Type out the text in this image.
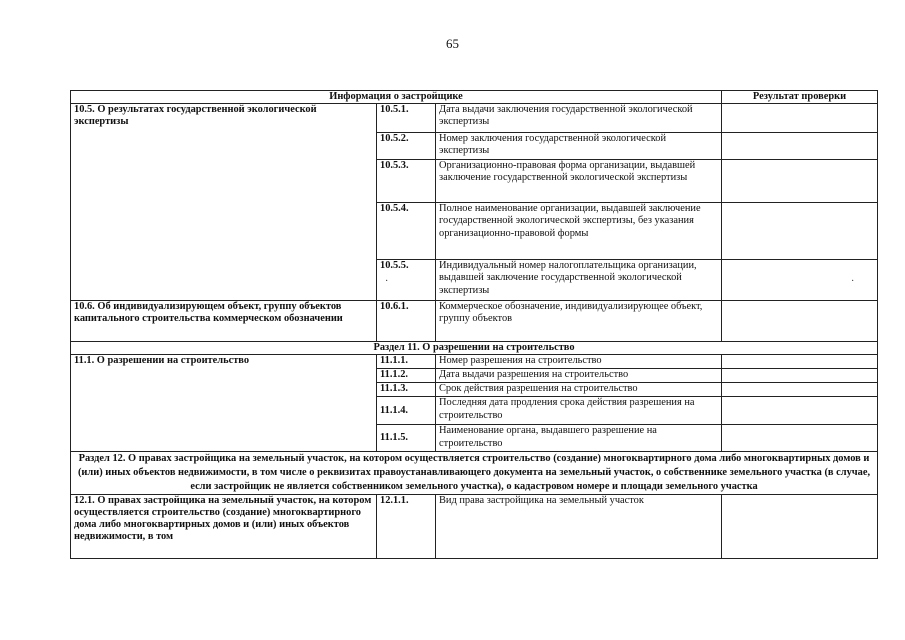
65
Информация о застройщике			Результат проверки
10.5. О результатах государственной экологической экспертизы	10.5.1.	Дата выдачи заключения государственной экологической экспертизы	
	10.5.2.	Номер заключения государственной экологической экспертизы	
	10.5.3.	Организационно-правовая форма организации, выдавшей заключение государственной экологической экспертизы	
	10.5.4.	Полное наименование организации, выдавшей заключение государственной экологической экспертизы, без указания организационно-правовой формы	
	10.5.5.	Индивидуальный номер налогоплательщика организации, выдавшей заключение государственной экологической экспертизы	
10.6. Об индивидуализирующем объект, группу объектов капитального строительства коммерческом обозначении	10.6.1.	Коммерческое обозначение, индивидуализирующее объект, группу объектов	
Раздел 11. О разрешении на строительство			
11.1. О разрешении на строительство	11.1.1.	Номер разрешения на строительство	
	11.1.2.	Дата выдачи разрешения на строительство	
	11.1.3.	Срок действия разрешения на строительство	
	11.1.4.	Последняя дата продления срока действия разрешения на строительство	
	11.1.5.	Наименование органа, выдавшего разрешение на строительство	
Раздел 12. О правах застройщика на земельный участок, на котором осуществляется строительство (создание) многоквартирного дома либо многоквартирных домов и (или) иных объектов недвижимости, в том числе о реквизитах правоустанавливающего документа на земельный участок, о собственнике земельного участка (в случае, если застройщик не является собственником земельного участка), о кадастровом номере и площади земельного участка			
12.1. О правах застройщика на земельный участок, на котором осуществляется строительство (создание) многоквартирного дома либо многоквартирных домов и (или) иных объектов недвижимости, в том	12.1.1.	Вид права застройщика на земельный участок	
·	·
